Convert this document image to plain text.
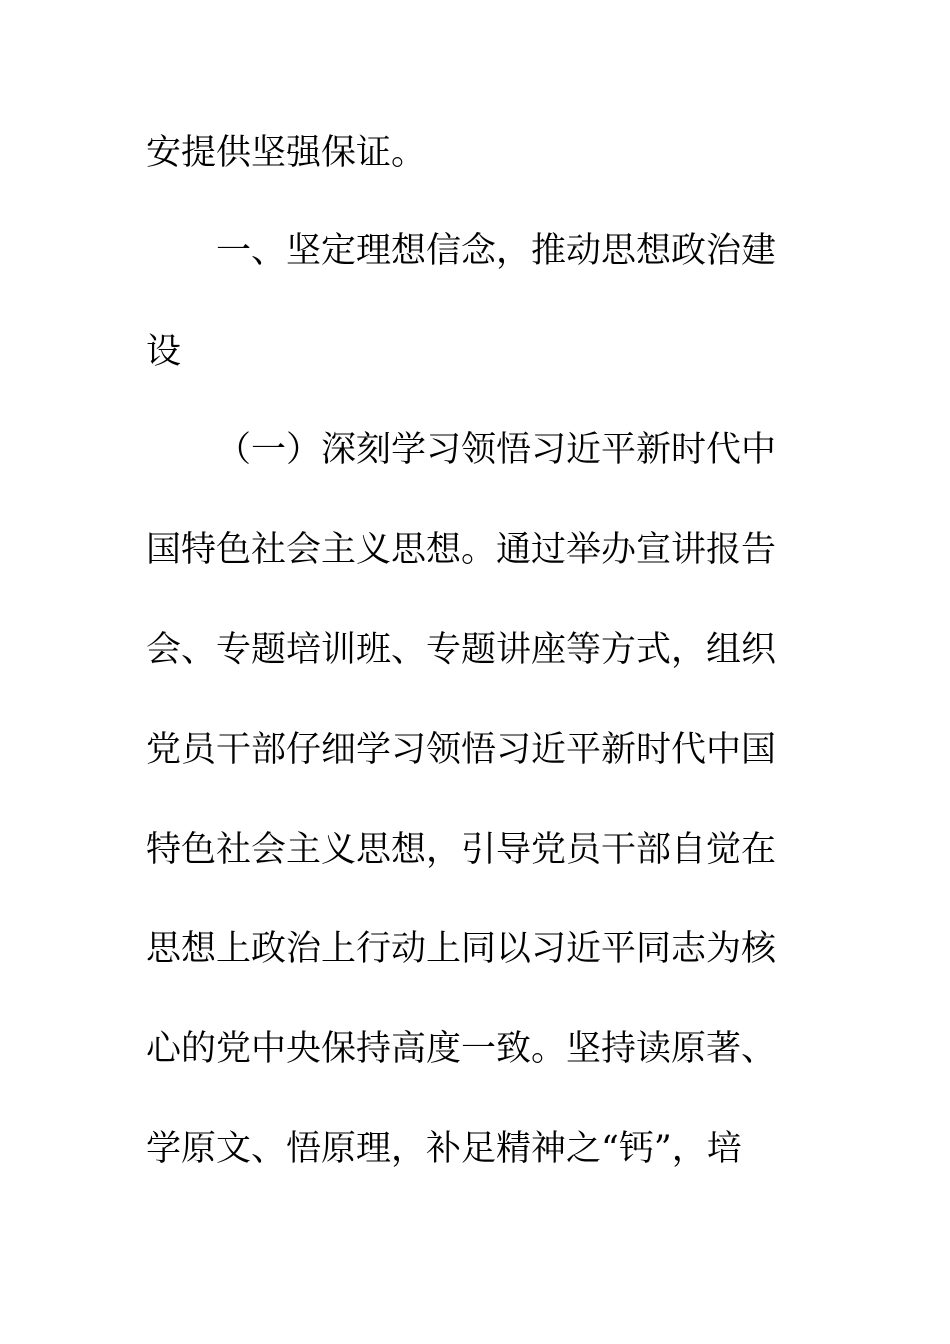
安提供坚强保证。
一、坚定理想信念，推动思想政治建
设
（一）深刻学习领悟习近平新时代中
国特色社会主义思想。通过举办宣讲报告
会、专题培训班、专题讲座等方式，组织
党员干部仔细学习领悟习近平新时代中国
特色社会主义思想，引导党员干部自觉在
思想上政治上行动上同以习近平同志为核
心的党中央保持高度一致。坚持读原著、
学原文、悟原理，补足精神之“钙”，培
